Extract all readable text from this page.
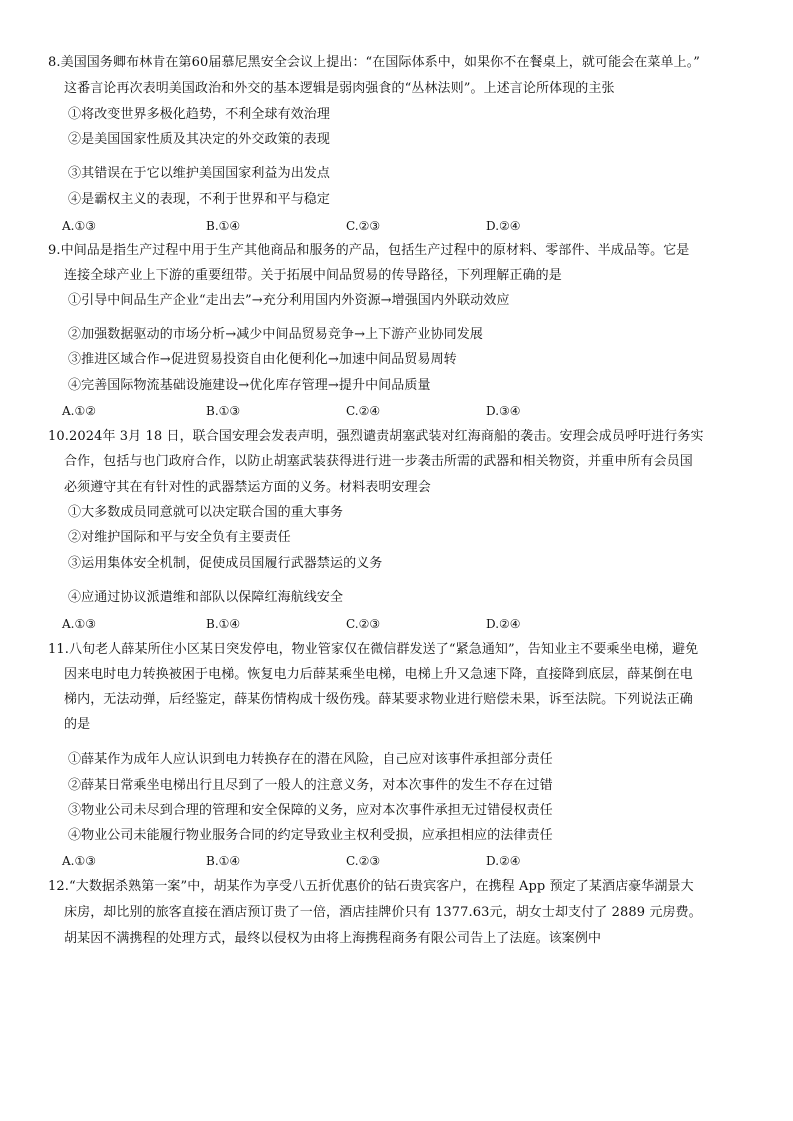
8.美国国务卿布林肯在第60届慕尼黑安全会议上提出：“在国际体系中，如果你不在餐桌上，就可能会在菜单上。”
这番言论再次表明美国政治和外交的基本逻辑是弱肉强食的“丛林法则”。上述言论所体现的主张
①将改变世界多极化趋势，不利全球有效治理
②是美国国家性质及其决定的外交政策的表现
③其错误在于它以维护美国国家利益为出发点
④是霸权主义的表现，不利于世界和平与稳定
A.①③	B.①④	C.②③	D.②④
9.中间品是指生产过程中用于生产其他商品和服务的产品，包括生产过程中的原材料、零部件、半成品等。它是
连接全球产业上下游的重要纽带。关于拓展中间品贸易的传导路径，下列理解正确的是
①引导中间品生产企业“走出去”→充分利用国内外资源→增强国内外联动效应
②加强数据驱动的市场分析→减少中间品贸易竞争→上下游产业协同发展
③推进区域合作→促进贸易投资自由化便利化→加速中间品贸易周转
④完善国际物流基础设施建设→优化库存管理→提升中间品质量
A.①②	B.①③	C.②④	D.③④
10.2024年 3月 18 日，联合国安理会发表声明，强烈谴责胡塞武装对红海商船的袭击。安理会成员呼吁进行务实
合作，包括与也门政府合作，以防止胡塞武装获得进行进一步袭击所需的武器和相关物资，并重申所有会员国
必须遵守其在有针对性的武器禁运方面的义务。材料表明安理会
①大多数成员同意就可以决定联合国的重大事务
②对维护国际和平与安全负有主要责任
③运用集体安全机制，促使成员国履行武器禁运的义务
④应通过协议派遣维和部队以保障红海航线安全
A.①③	B.①④	C.②③	D.②④
11.八旬老人薛某所住小区某日突发停电，物业管家仅在微信群发送了“紧急通知”，告知业主不要乘坐电梯，避免
因来电时电力转换被困于电梯。恢复电力后薛某乘坐电梯，电梯上升又急速下降，直接降到底层，薛某倒在电
梯内，无法动弹，后经鉴定，薛某伤情构成十级伤残。薛某要求物业进行赔偿未果，诉至法院。下列说法正确
的是
①薛某作为成年人应认识到电力转换存在的潜在风险，自己应对该事件承担部分责任
②薛某日常乘坐电梯出行且尽到了一般人的注意义务，对本次事件的发生不存在过错
③物业公司未尽到合理的管理和安全保障的义务，应对本次事件承担无过错侵权责任
④物业公司未能履行物业服务合同的约定导致业主权利受损，应承担相应的法律责任
A.①③	B.①④	C.②③	D.②④
12.“大数据杀熟第一案”中，胡某作为享受八五折优惠价的钻石贵宾客户，在携程 App 预定了某酒店豪华湖景大
床房，却比别的旅客直接在酒店预订贵了一倍，酒店挂牌价只有 1377.63元，胡女士却支付了 2889 元房费。
胡某因不满携程的处理方式，最终以侵权为由将上海携程商务有限公司告上了法庭。该案例中
